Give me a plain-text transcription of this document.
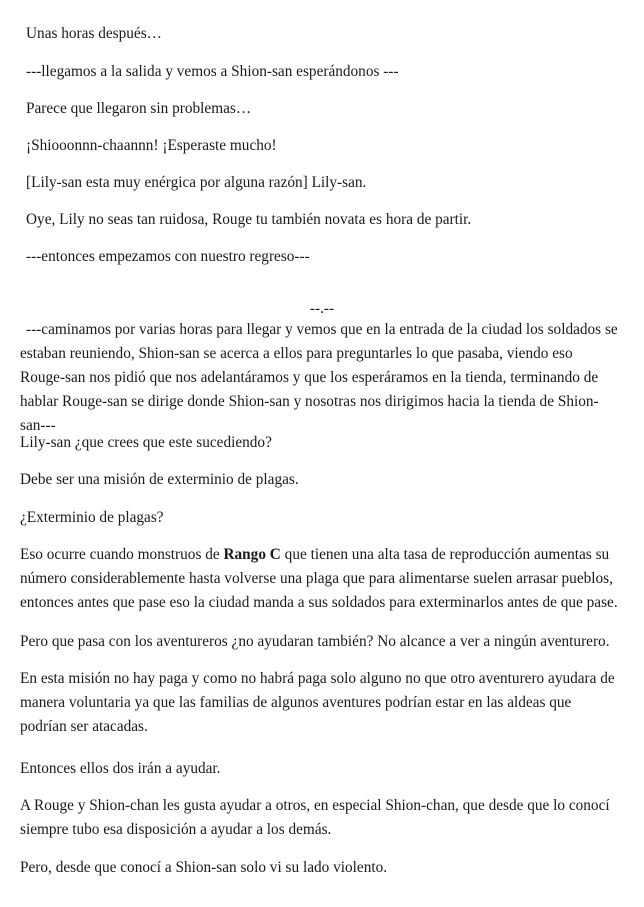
Unas horas después…

---llegamos a la salida y vemos a Shion-san esperándonos ---

Parece que llegaron sin problemas…

¡Shiooonnn-chaannn! ¡Esperaste mucho!

[Lily-san esta muy enérgica por alguna razón] Lily-san.

Oye, Lily no seas tan ruidosa, Rouge tu también novata es hora de partir.

---entonces empezamos con nuestro regreso---

--.--

---caminamos por varias horas para llegar y vemos que en la entrada de la ciudad los soldados se estaban reuniendo, Shion-san se acerca a ellos para preguntarles lo que pasaba, viendo eso Rouge-san nos pidió que nos adelantáramos y que los esperáramos en la tienda, terminando de hablar Rouge-san se dirige donde Shion-san y nosotras nos dirigimos hacia la tienda de Shion-san---

Lily-san ¿que crees que este sucediendo?

Debe ser una misión de exterminio de plagas.

¿Exterminio de plagas?

Eso ocurre cuando monstruos de Rango C que tienen una alta tasa de reproducción aumentas su número considerablemente hasta volverse una plaga que para alimentarse suelen arrasar pueblos, entonces antes que pase eso la ciudad manda a sus soldados para exterminarlos antes de que pase.

Pero que pasa con los aventureros ¿no ayudaran también? No alcance a ver a ningún aventurero.

En esta misión no hay paga y como no habrá paga solo alguno no que otro aventurero ayudara de manera voluntaria ya que las familias de algunos aventures podrían estar en las aldeas que podrían ser atacadas.

Entonces ellos dos irán a ayudar.

A Rouge y Shion-chan les gusta ayudar a otros, en especial Shion-chan, que desde que lo conocí siempre tubo esa disposición a ayudar a los demás.

Pero, desde que conocí a Shion-san solo vi su lado violento.
